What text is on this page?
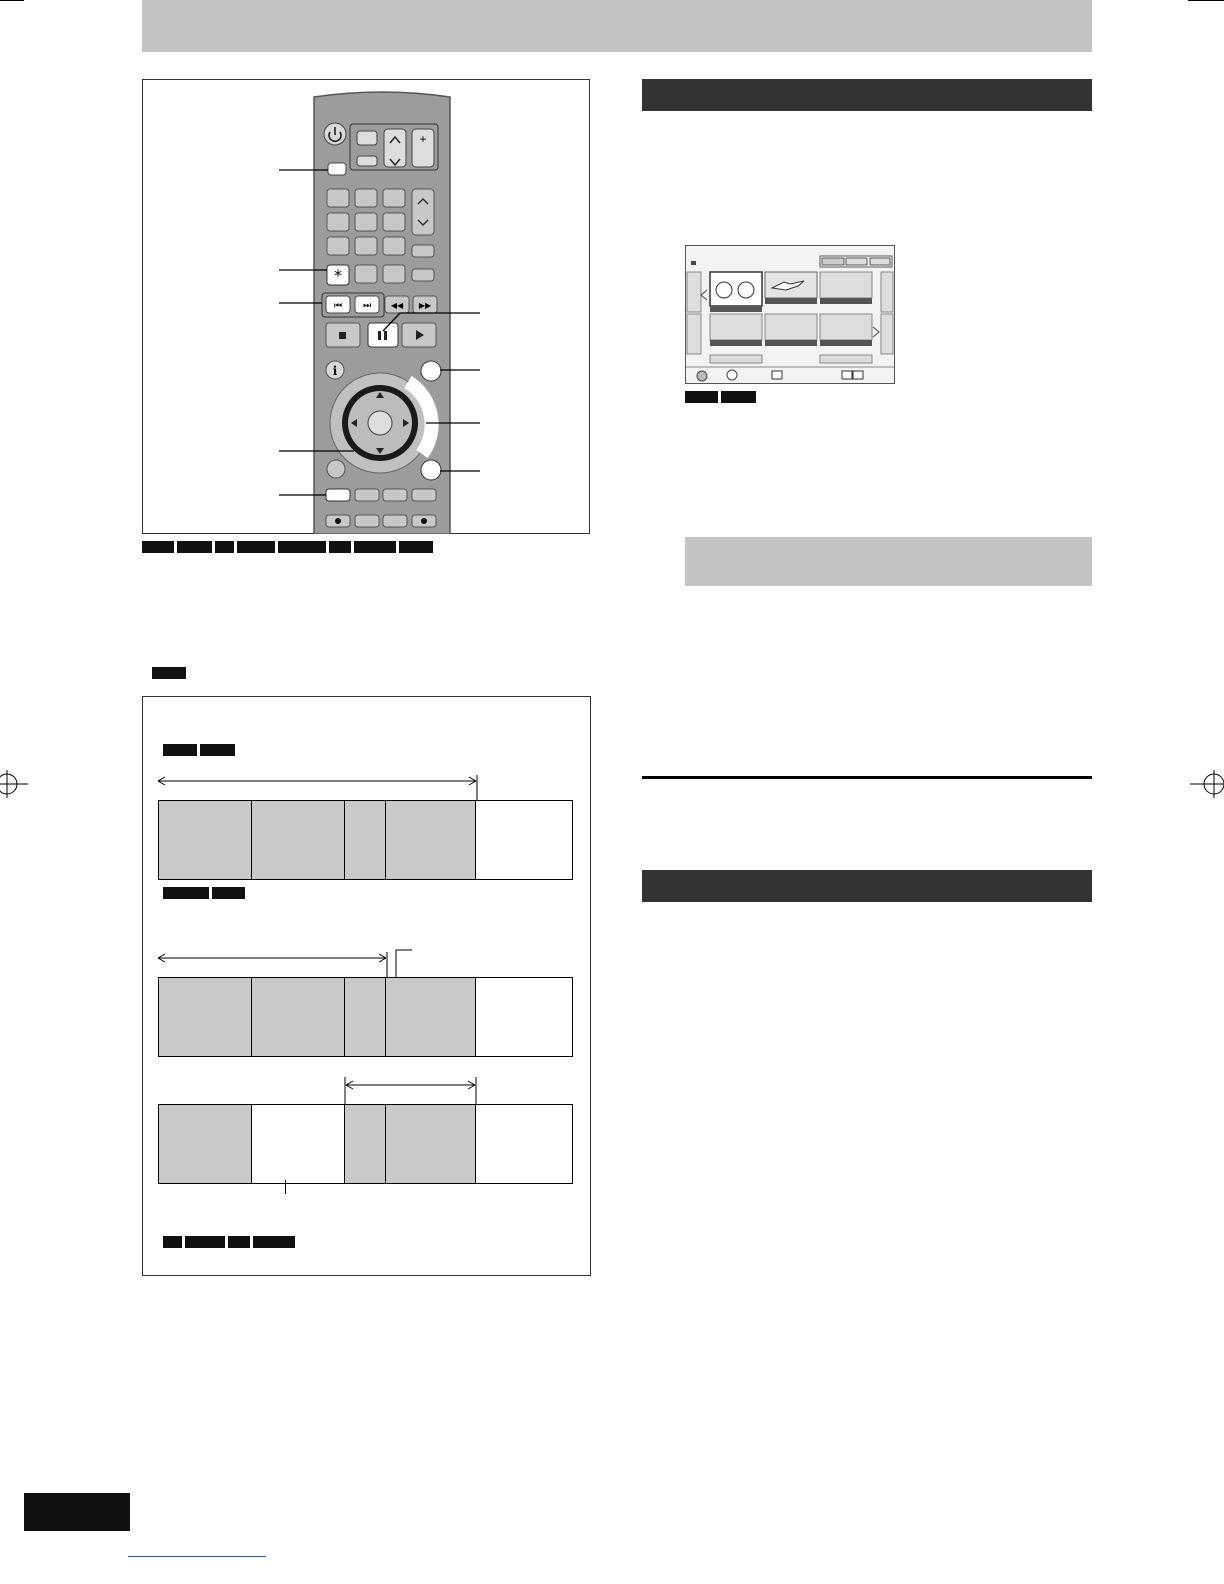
+
*
⏮ ⏭ ◀◀ ▶▶
i
